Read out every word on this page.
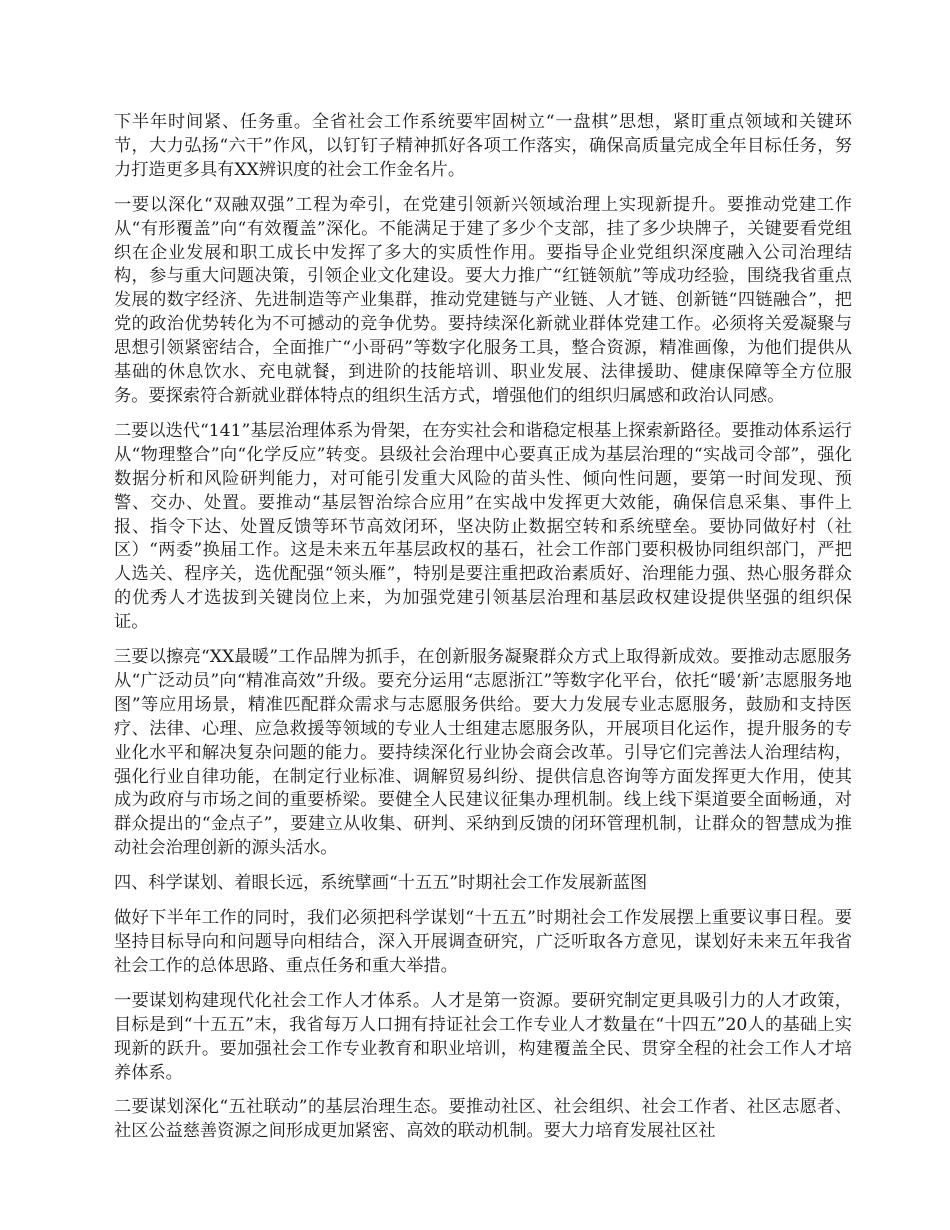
下半年时间紧、任务重。全省社会工作系统要牢固树立“一盘棋”思想，紧盯重点领域和关键环节，大力弘扬“六干”作风，以钉钉子精神抓好各项工作落实，确保高质量完成全年目标任务，努力打造更多具有XX辨识度的社会工作金名片。

一要以深化“双融双强”工程为牵引，在党建引领新兴领域治理上实现新提升。要推动党建工作从“有形覆盖”向“有效覆盖”深化。不能满足于建了多少个支部，挂了多少块牌子，关键要看党组织在企业发展和职工成长中发挥了多大的实质性作用。要指导企业党组织深度融入公司治理结构，参与重大问题决策，引领企业文化建设。要大力推广“红链领航”等成功经验，围绕我省重点发展的数字经济、先进制造等产业集群，推动党建链与产业链、人才链、创新链“四链融合”，把党的政治优势转化为不可撼动的竞争优势。要持续深化新就业群体党建工作。必须将关爱凝聚与思想引领紧密结合，全面推广“小哥码”等数字化服务工具，整合资源，精准画像，为他们提供从基础的休息饮水、充电就餐，到进阶的技能培训、职业发展、法律援助、健康保障等全方位服务。要探索符合新就业群体特点的组织生活方式，增强他们的组织归属感和政治认同感。

二要以迭代“141”基层治理体系为骨架，在夯实社会和谐稳定根基上探索新路径。要推动体系运行从“物理整合”向“化学反应”转变。县级社会治理中心要真正成为基层治理的“实战司令部”，强化数据分析和风险研判能力，对可能引发重大风险的苗头性、倾向性问题，要第一时间发现、预警、交办、处置。要推动“基层智治综合应用”在实战中发挥更大效能，确保信息采集、事件上报、指令下达、处置反馈等环节高效闭环，坚决防止数据空转和系统壁垒。要协同做好村（社区）“两委”换届工作。这是未来五年基层政权的基石，社会工作部门要积极协同组织部门，严把人选关、程序关，选优配强“领头雁”，特别是要注重把政治素质好、治理能力强、热心服务群众的优秀人才选拔到关键岗位上来，为加强党建引领基层治理和基层政权建设提供坚强的组织保证。

三要以擦亮“XX最暖”工作品牌为抓手，在创新服务凝聚群众方式上取得新成效。要推动志愿服务从“广泛动员”向“精准高效”升级。要充分运用“志愿浙江”等数字化平台，依托“暖‘新’志愿服务地图”等应用场景，精准匹配群众需求与志愿服务供给。要大力发展专业志愿服务，鼓励和支持医疗、法律、心理、应急救援等领域的专业人士组建志愿服务队，开展项目化运作，提升服务的专业化水平和解决复杂问题的能力。要持续深化行业协会商会改革。引导它们完善法人治理结构，强化行业自律功能，在制定行业标准、调解贸易纠纷、提供信息咨询等方面发挥更大作用，使其成为政府与市场之间的重要桥梁。要健全人民建议征集办理机制。线上线下渠道要全面畅通，对群众提出的“金点子”，要建立从收集、研判、采纳到反馈的闭环管理机制，让群众的智慧成为推动社会治理创新的源头活水。

四、科学谋划、着眼长远，系统擘画“十五五”时期社会工作发展新蓝图

做好下半年工作的同时，我们必须把科学谋划“十五五”时期社会工作发展摆上重要议事日程。要坚持目标导向和问题导向相结合，深入开展调查研究，广泛听取各方意见，谋划好未来五年我省社会工作的总体思路、重点任务和重大举措。

一要谋划构建现代化社会工作人才体系。人才是第一资源。要研究制定更具吸引力的人才政策，目标是到“十五五”末，我省每万人口拥有持证社会工作专业人才数量在“十四五”20人的基础上实现新的跃升。要加强社会工作专业教育和职业培训，构建覆盖全民、贯穿全程的社会工作人才培养体系。

二要谋划深化“五社联动”的基层治理生态。要推动社区、社会组织、社会工作者、社区志愿者、社区公益慈善资源之间形成更加紧密、高效的联动机制。要大力培育发展社区社
